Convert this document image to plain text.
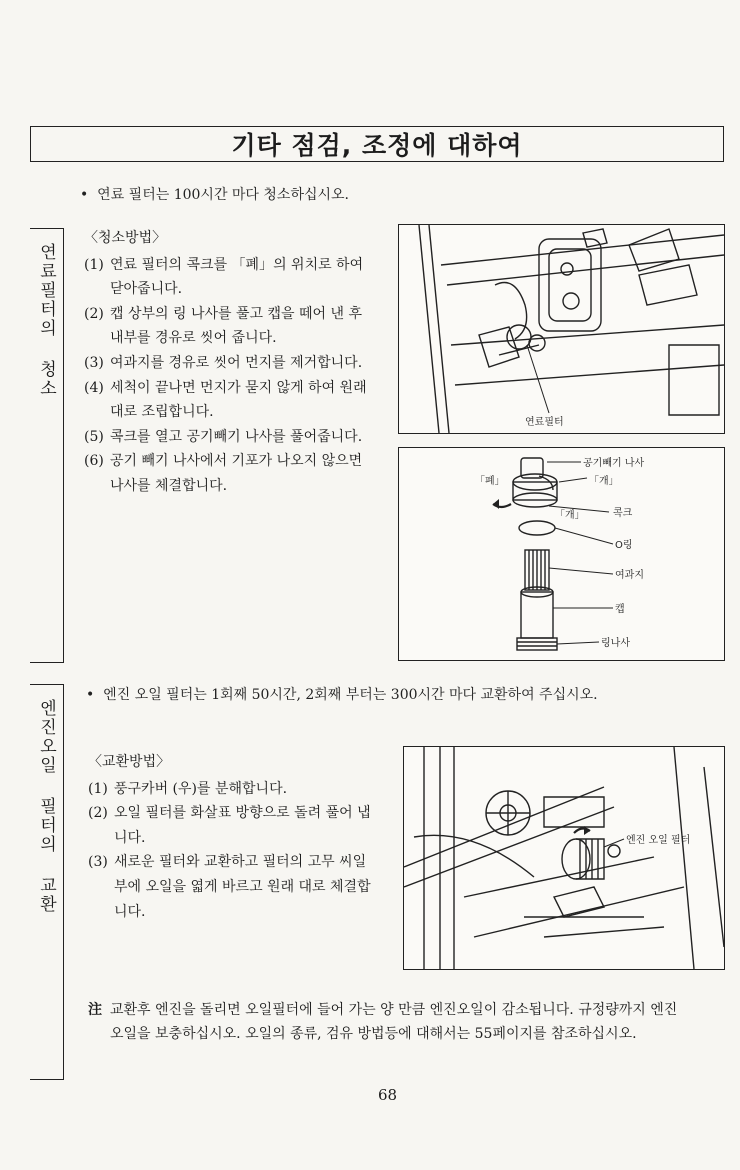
기타 점검, 조정에 대하여
연료필터의 청소
• 연료 필터는 100시간 마다 청소하십시오.
〈청소방법〉
(1) 연료 필터의 콕크를 「폐」의 위치로 하여 닫아줍니다.
(2) 캡 상부의 링 나사를 풀고 캡을 떼어 낸 후 내부를 경유로 씻어 줍니다.
(3) 여과지를 경유로 씻어 먼지를 제거합니다.
(4) 세척이 끝나면 먼지가 묻지 않게 하여 원래대로 조립합니다.
(5) 콕크를 열고 공기빼기 나사를 풀어줍니다.
(6) 공기 빼기 나사에서 기포가 나오지 않으면 나사를 체결합니다.
연료필터
공기빼기 나사
「개」
「폐」
「개」	콕크
O링
여과지
캡
링나사
엔진오일 필터의 교환
• 엔진 오일 필터는 1회째 50시간, 2회째 부터는 300시간 마다 교환하여 주십시오.
〈교환방법〉
(1) 풍구카버 (우)를 분해합니다.
(2) 오일 필터를 화살표 방향으로 돌려 풀어 냅니다.
(3) 새로운 필터와 교환하고 필터의 고무 씨일부에 오일을 엷게 바르고 원래 대로 체결합니다.
엔진 오일 필터
注 교환후 엔진을 돌리면 오일필터에 들어 가는 양 만큼 엔진오일이 감소됩니다. 규정량까지 엔진 오일을 보충하십시오. 오일의 종류, 검유 방법등에 대해서는 55페이지를 참조하십시오.
68
